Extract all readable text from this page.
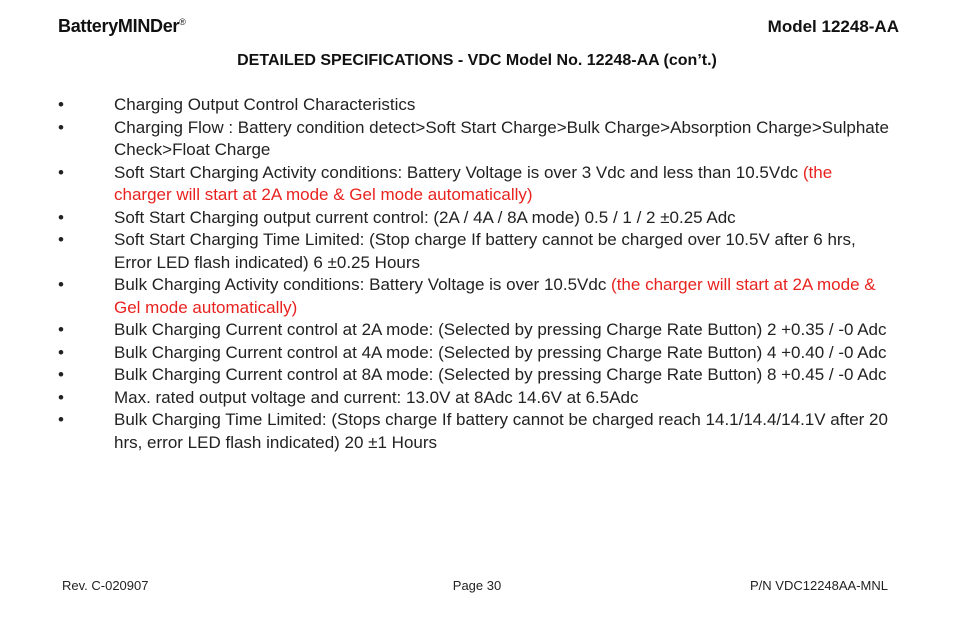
BatteryMINDer®	Model 12248-AA
DETAILED SPECIFICATIONS - VDC Model No. 12248-AA (con’t.)
•	Charging Output Control Characteristics
•	Charging Flow : Battery condition detect>Soft Start Charge>Bulk Charge>Absorption Charge>Sulphate Check>Float Charge
•	Soft Start Charging Activity conditions: Battery Voltage is over 3 Vdc and less than 10.5Vdc (the charger will start at 2A mode & Gel mode automatically)
•	Soft Start Charging output current control: (2A / 4A / 8A mode) 0.5 / 1 / 2 ±0.25 Adc
•	Soft Start Charging Time Limited: (Stop charge If battery cannot be charged over 10.5V after 6 hrs, Error LED flash indicated) 6 ±0.25 Hours
•	Bulk Charging Activity conditions: Battery Voltage is over 10.5Vdc (the charger will start at 2A mode & Gel mode automatically)
•	Bulk Charging Current control at 2A mode: (Selected by pressing Charge Rate Button) 2 +0.35 / -0 Adc
•	Bulk Charging Current control at 4A mode: (Selected by pressing Charge Rate Button) 4 +0.40 / -0 Adc
•	Bulk Charging Current control at 8A mode: (Selected by pressing Charge Rate Button) 8 +0.45 / -0 Adc
•	Max. rated output voltage and current: 13.0V at 8Adc 14.6V at 6.5Adc
•	Bulk Charging Time Limited: (Stops charge If battery cannot be charged reach 14.1/14.4/14.1V after 20 hrs, error LED flash indicated) 20 ±1 Hours
Rev. C-020907	Page 30	P/N VDC12248AA-MNL
